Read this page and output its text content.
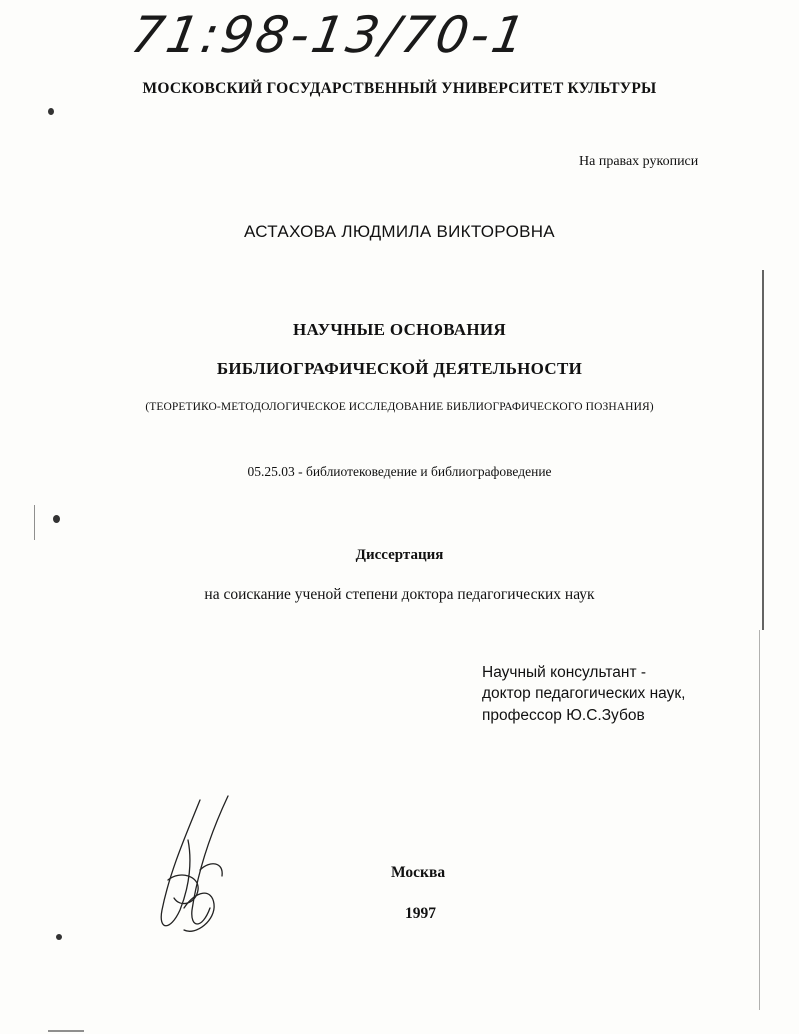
71:98-13/70-1
МОСКОВСКИЙ ГОСУДАРСТВЕННЫЙ УНИВЕРСИТЕТ КУЛЬТУРЫ
На правах рукописи
АСТАХОВА ЛЮДМИЛА ВИКТОРОВНА
НАУЧНЫЕ ОСНОВАНИЯ
БИБЛИОГРАФИЧЕСКОЙ ДЕЯТЕЛЬНОСТИ
(ТЕОРЕТИКО-МЕТОДОЛОГИЧЕСКОЕ ИССЛЕДОВАНИЕ БИБЛИОГРАФИЧЕСКОГО ПОЗНАНИЯ)
05.25.03 - библиотековедение и библиографоведение
Диссертация
на соискание ученой степени доктора педагогических наук
Научный консультант -
доктор педагогических наук,
профессор Ю.С.Зубов
Москва
1997
